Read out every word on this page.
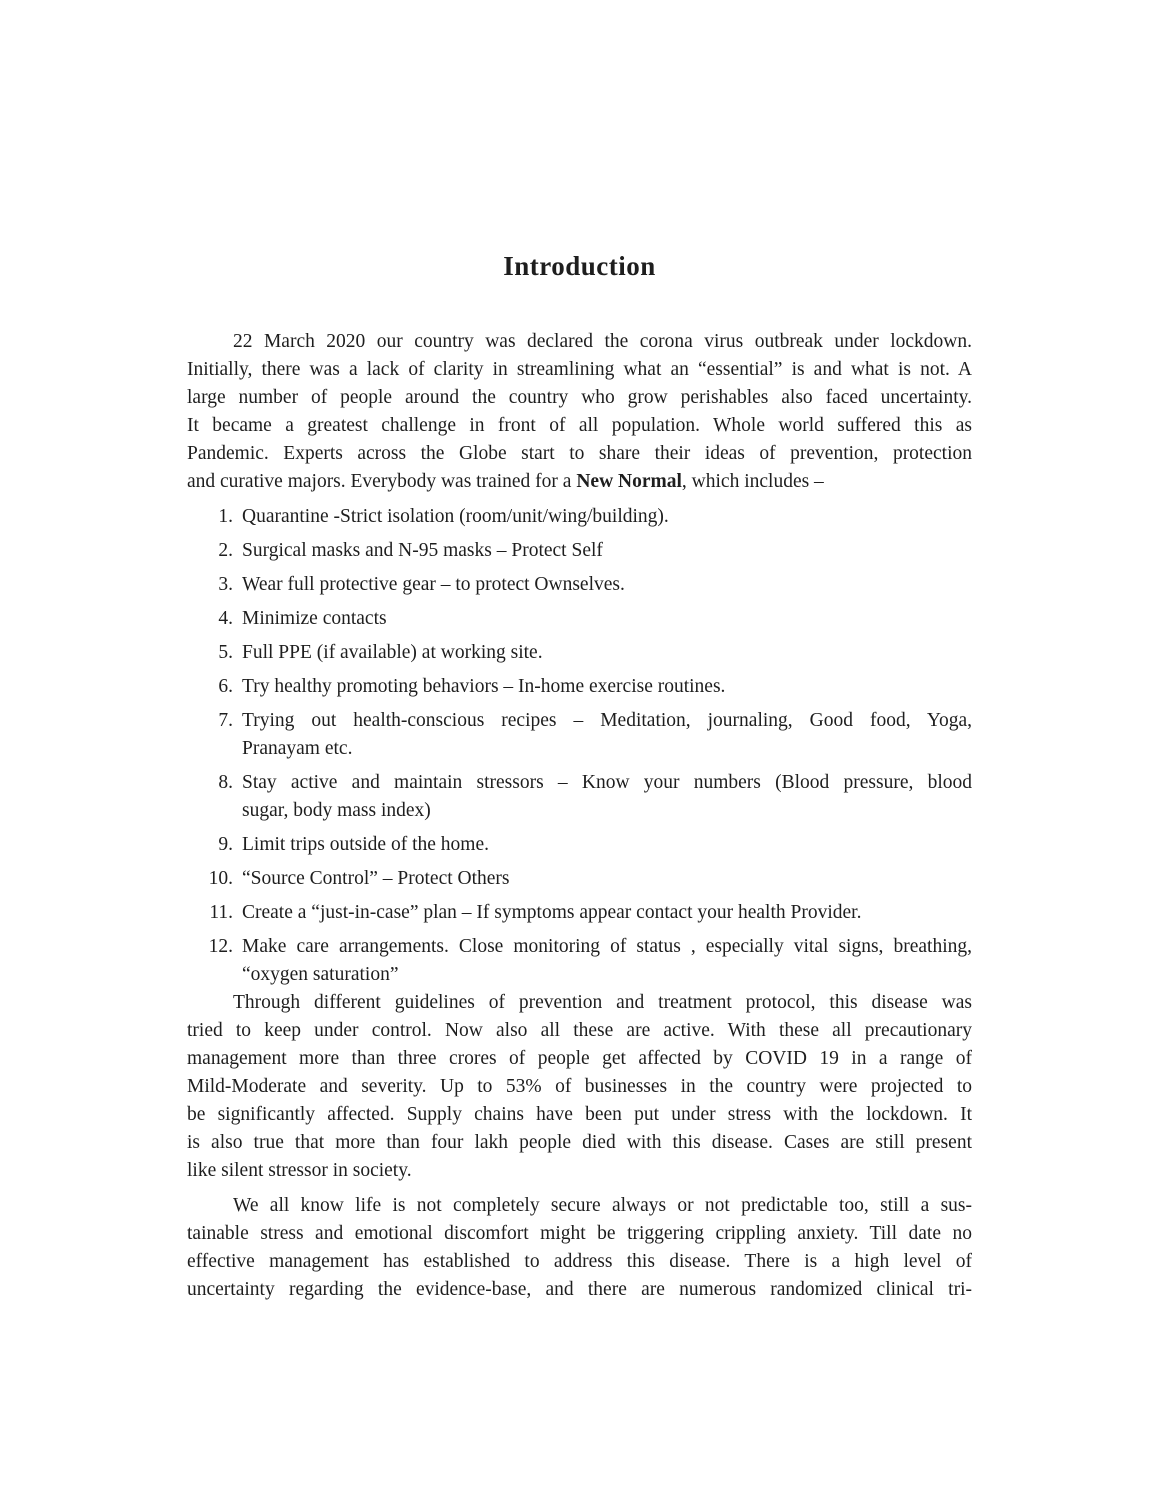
Introduction
22 March 2020 our country was declared the corona virus outbreak under lockdown.
Initially, there was a lack of clarity in streamlining what an “essential” is and what is not. A
large number of people around the country who grow perishables also faced uncertainty.
It became a greatest challenge in front of all population. Whole world suffered this as
Pandemic. Experts across the Globe start to share their ideas of prevention, protection
and curative majors. Everybody was trained for a New Normal, which includes –
1. Quarantine -Strict isolation (room/unit/wing/building).
2. Surgical masks and N-95 masks – Protect Self
3. Wear full protective gear – to protect Ownselves.
4. Minimize contacts
5. Full PPE (if available) at working site.
6. Try healthy promoting behaviors – In-home exercise routines.
7. Trying out health-conscious recipes – Meditation, journaling, Good food, Yoga,
Pranayam etc.
8. Stay active and maintain stressors – Know your numbers (Blood pressure, blood
sugar, body mass index)
9. Limit trips outside of the home.
10. “Source Control” – Protect Others
11. Create a “just-in-case” plan – If symptoms appear contact your health Provider.
12. Make care arrangements. Close monitoring of status , especially vital signs, breathing,
“oxygen saturation”
Through different guidelines of prevention and treatment protocol, this disease was
tried to keep under control. Now also all these are active. With these all precautionary
management more than three crores of people get affected by COVID 19 in a range of
Mild-Moderate and severity. Up to 53% of businesses in the country were projected to
be significantly affected. Supply chains have been put under stress with the lockdown. It
is also true that more than four lakh people died with this disease. Cases are still present
like silent stressor in society.
We all know life is not completely secure always or not predictable too, still a sus-
tainable stress and emotional discomfort might be triggering crippling anxiety. Till date no
effective management has established to address this disease. There is a high level of
uncertainty regarding the evidence-base, and there are numerous randomized clinical tri-
